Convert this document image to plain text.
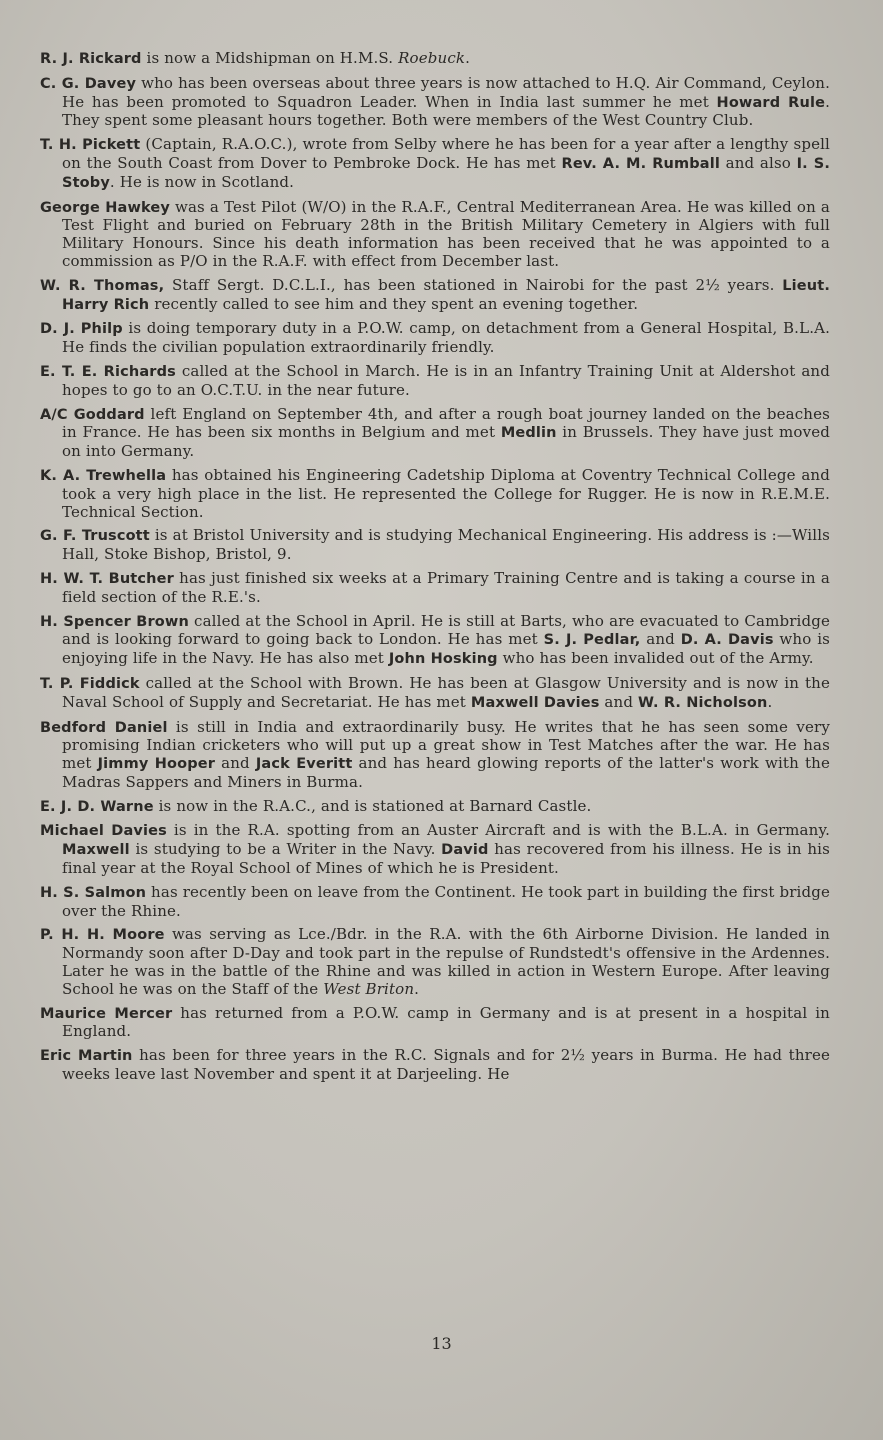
R. J. Rickard is now a Midshipman on H.M.S. Roebuck.

C. G. Davey who has been overseas about three years is now attached to H.Q. Air Command, Ceylon. He has been promoted to Squadron Leader. When in India last summer he met Howard Rule. They spent some pleasant hours together. Both were members of the West Country Club.

T. H. Pickett (Captain, R.A.O.C.), wrote from Selby where he has been for a year after a lengthy spell on the South Coast from Dover to Pembroke Dock. He has met Rev. A. M. Rumball and also I. S. Stoby. He is now in Scotland.

George Hawkey was a Test Pilot (W/O) in the R.A.F., Central Mediterranean Area. He was killed on a Test Flight and buried on February 28th in the British Military Cemetery in Algiers with full Military Honours. Since his death information has been received that he was appointed to a commission as P/O in the R.A.F. with effect from December last.

W. R. Thomas, Staff Sergt. D.C.L.I., has been stationed in Nairobi for the past 2½ years. Lieut. Harry Rich recently called to see him and they spent an evening together.

D. J. Philp is doing temporary duty in a P.O.W. camp, on detachment from a General Hospital, B.L.A. He finds the civilian population extraordinarily friendly.

E. T. E. Richards called at the School in March. He is in an Infantry Training Unit at Aldershot and hopes to go to an O.C.T.U. in the near future.

A/C Goddard left England on September 4th, and after a rough boat journey landed on the beaches in France. He has been six months in Belgium and met Medlin in Brussels. They have just moved on into Germany.

K. A. Trewhella has obtained his Engineering Cadetship Diploma at Coventry Technical College and took a very high place in the list. He represented the College for Rugger. He is now in R.E.M.E. Technical Section.

G. F. Truscott is at Bristol University and is studying Mechanical Engineering. His address is :—Wills Hall, Stoke Bishop, Bristol, 9.

H. W. T. Butcher has just finished six weeks at a Primary Training Centre and is taking a course in a field section of the R.E.'s.

H. Spencer Brown called at the School in April. He is still at Barts, who are evacuated to Cambridge and is looking forward to going back to London. He has met S. J. Pedlar, and D. A. Davis who is enjoying life in the Navy. He has also met John Hosking who has been invalided out of the Army.

T. P. Fiddick called at the School with Brown. He has been at Glasgow University and is now in the Naval School of Supply and Secretariat. He has met Maxwell Davies and W. R. Nicholson.

Bedford Daniel is still in India and extraordinarily busy. He writes that he has seen some very promising Indian cricketers who will put up a great show in Test Matches after the war. He has met Jimmy Hooper and Jack Everitt and has heard glowing reports of the latter's work with the Madras Sappers and Miners in Burma.

E. J. D. Warne is now in the R.A.C., and is stationed at Barnard Castle.

Michael Davies is in the R.A. spotting from an Auster Aircraft and is with the B.L.A. in Germany. Maxwell is studying to be a Writer in the Navy. David has recovered from his illness. He is in his final year at the Royal School of Mines of which he is President.

H. S. Salmon has recently been on leave from the Continent. He took part in building the first bridge over the Rhine.

P. H. H. Moore was serving as Lce./Bdr. in the R.A. with the 6th Airborne Division. He landed in Normandy soon after D-Day and took part in the repulse of Rundstedt's offensive in the Ardennes. Later he was in the battle of the Rhine and was killed in action in Western Europe. After leaving School he was on the Staff of the West Briton.

Maurice Mercer has returned from a P.O.W. camp in Germany and is at present in a hospital in England.

Eric Martin has been for three years in the R.C. Signals and for 2½ years in Burma. He had three weeks leave last November and spent it at Darjeeling. He

13
